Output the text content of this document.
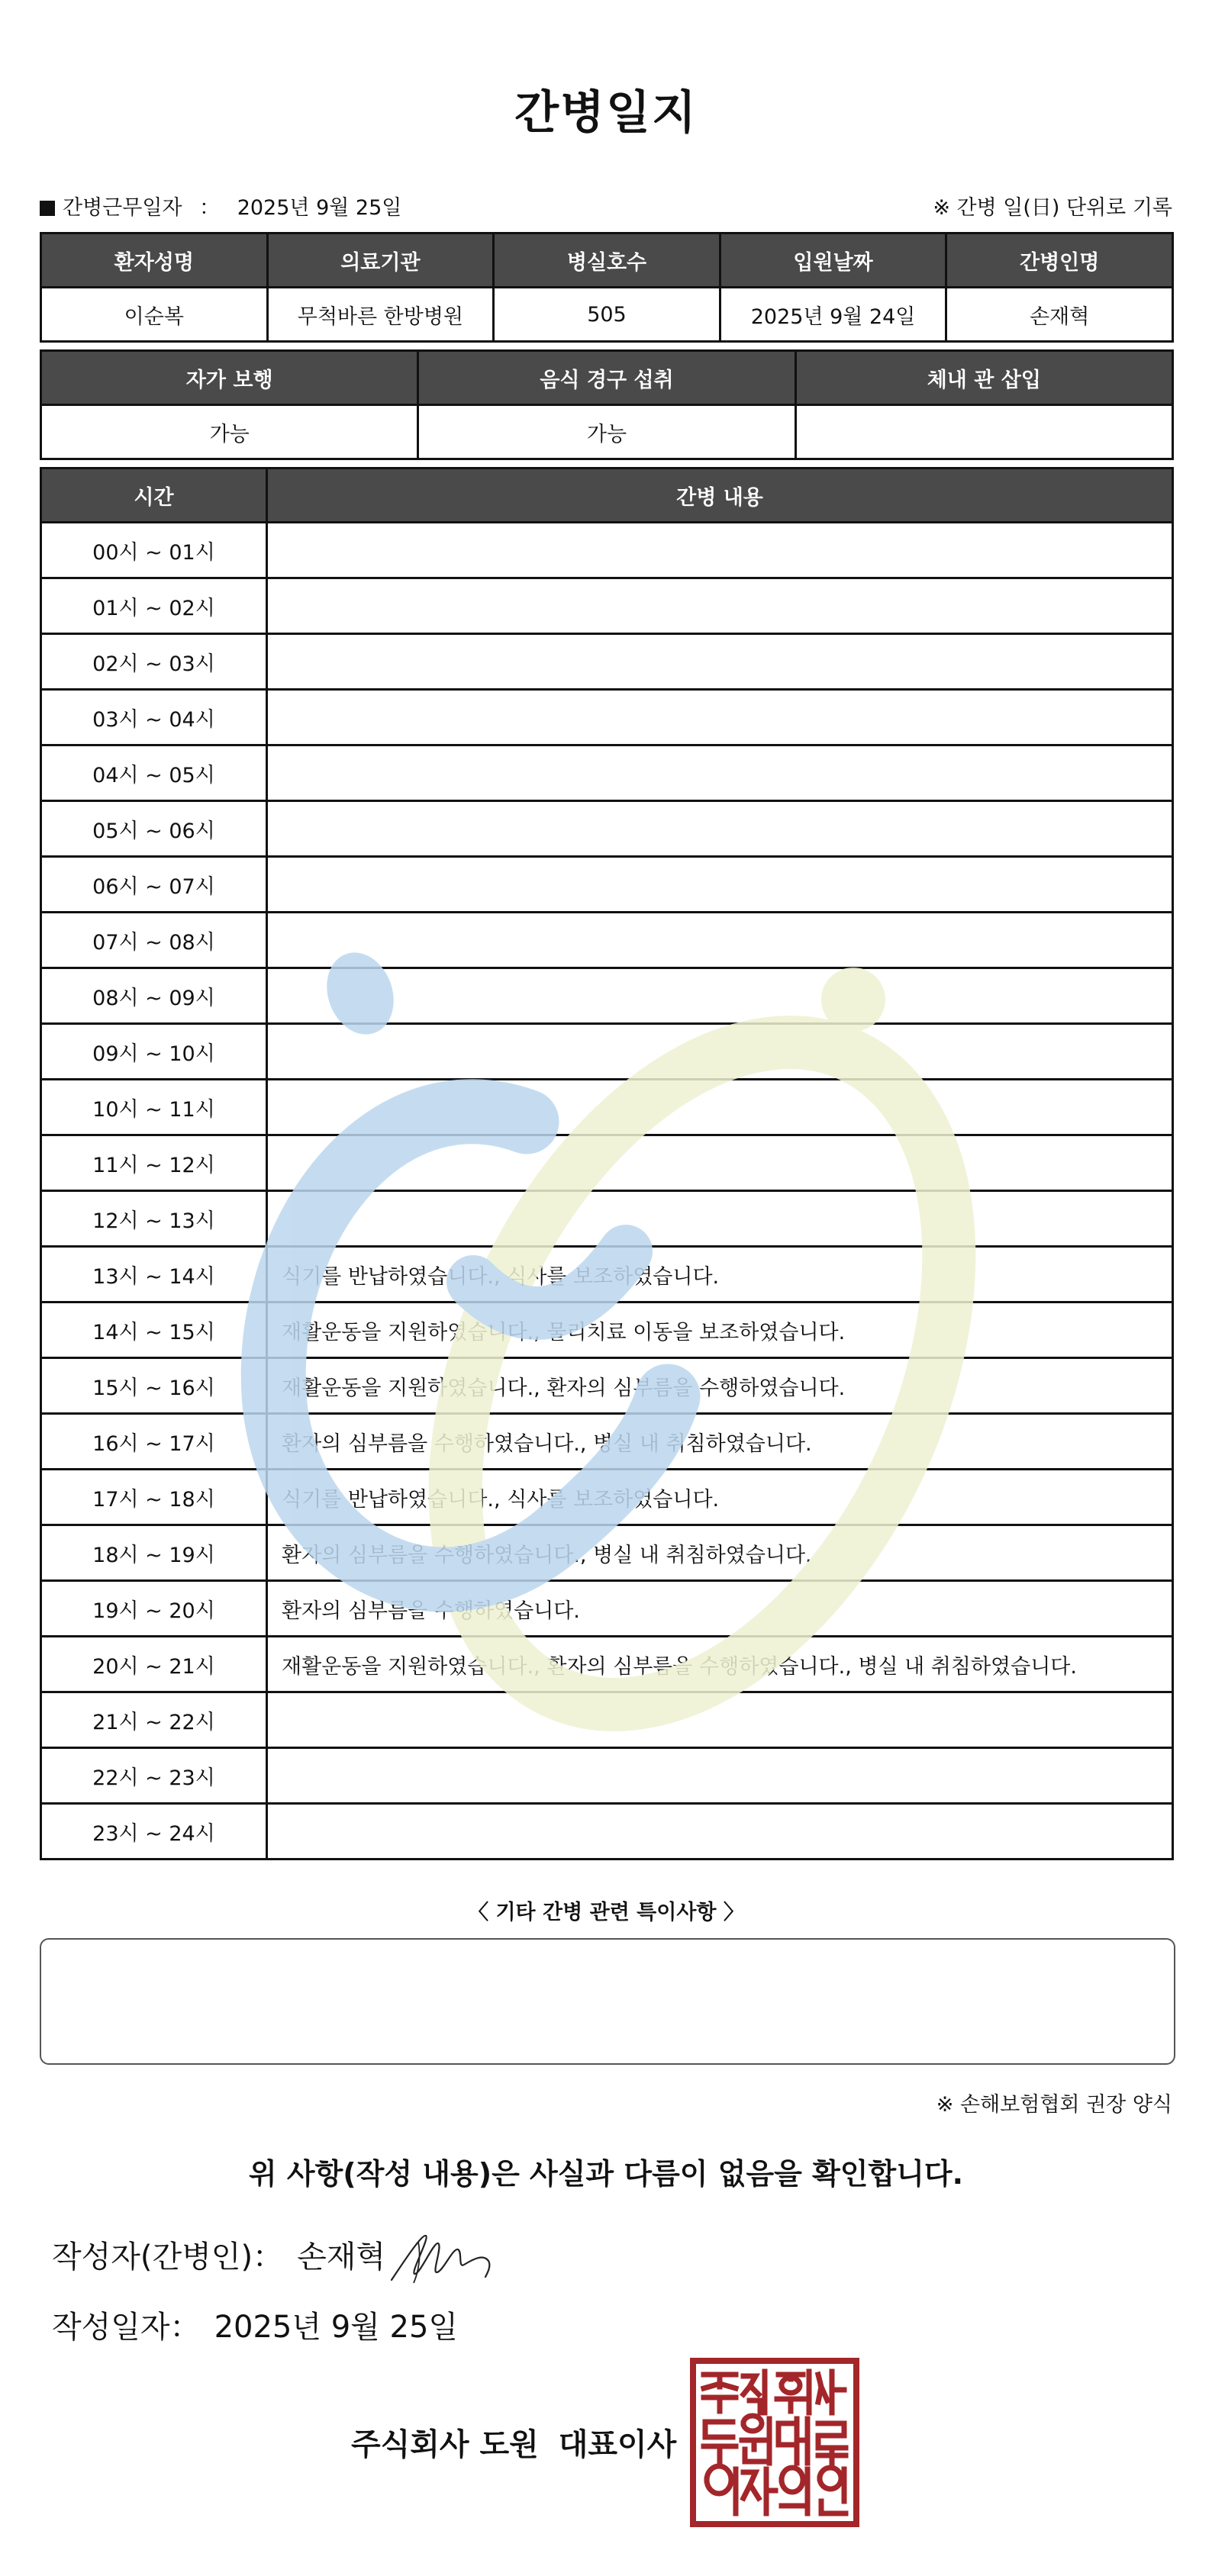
간병일지
간병근무일자 ： 2025년 9월 25일	※ 간병 일(日) 단위로 기록
환자성명	의료기관	병실호수	입원날짜	간병인명
이순복	무척바른 한방병원	505	2025년 9월 24일	손재혁
자가 보행	음식 경구 섭취	체내 관 삽입
가능	가능	
시간	간병 내용
00시 ~ 01시	
01시 ~ 02시	
02시 ~ 03시	
03시 ~ 04시	
04시 ~ 05시	
05시 ~ 06시	
06시 ~ 07시	
07시 ~ 08시	
08시 ~ 09시	
09시 ~ 10시	
10시 ~ 11시	
11시 ~ 12시	
12시 ~ 13시	
13시 ~ 14시	식기를 반납하였습니다., 식사를 보조하였습니다.
14시 ~ 15시	재활운동을 지원하였습니다., 물리치료 이동을 보조하였습니다.
15시 ~ 16시	재활운동을 지원하였습니다., 환자의 심부름을 수행하였습니다.
16시 ~ 17시	환자의 심부름을 수행하였습니다., 병실 내 취침하였습니다.
17시 ~ 18시	식기를 반납하였습니다., 식사를 보조하였습니다.
18시 ~ 19시	환자의 심부름을 수행하였습니다., 병실 내 취침하였습니다.
19시 ~ 20시	환자의 심부름을 수행하였습니다.
20시 ~ 21시	재활운동을 지원하였습니다., 환자의 심부름을 수행하였습니다., 병실 내 취침하였습니다.
21시 ~ 22시	
22시 ~ 23시	
23시 ~ 24시	
〈 기타 간병 관련 특이사항 〉
※ 손해보험협회 권장 양식
위 사항(작성 내용)은 사실과 다름이 없음을 확인합니다.
작성자(간병인)： 손재혁
작성일자： 2025년 9월 25일
주식회사 도원 대표이사
